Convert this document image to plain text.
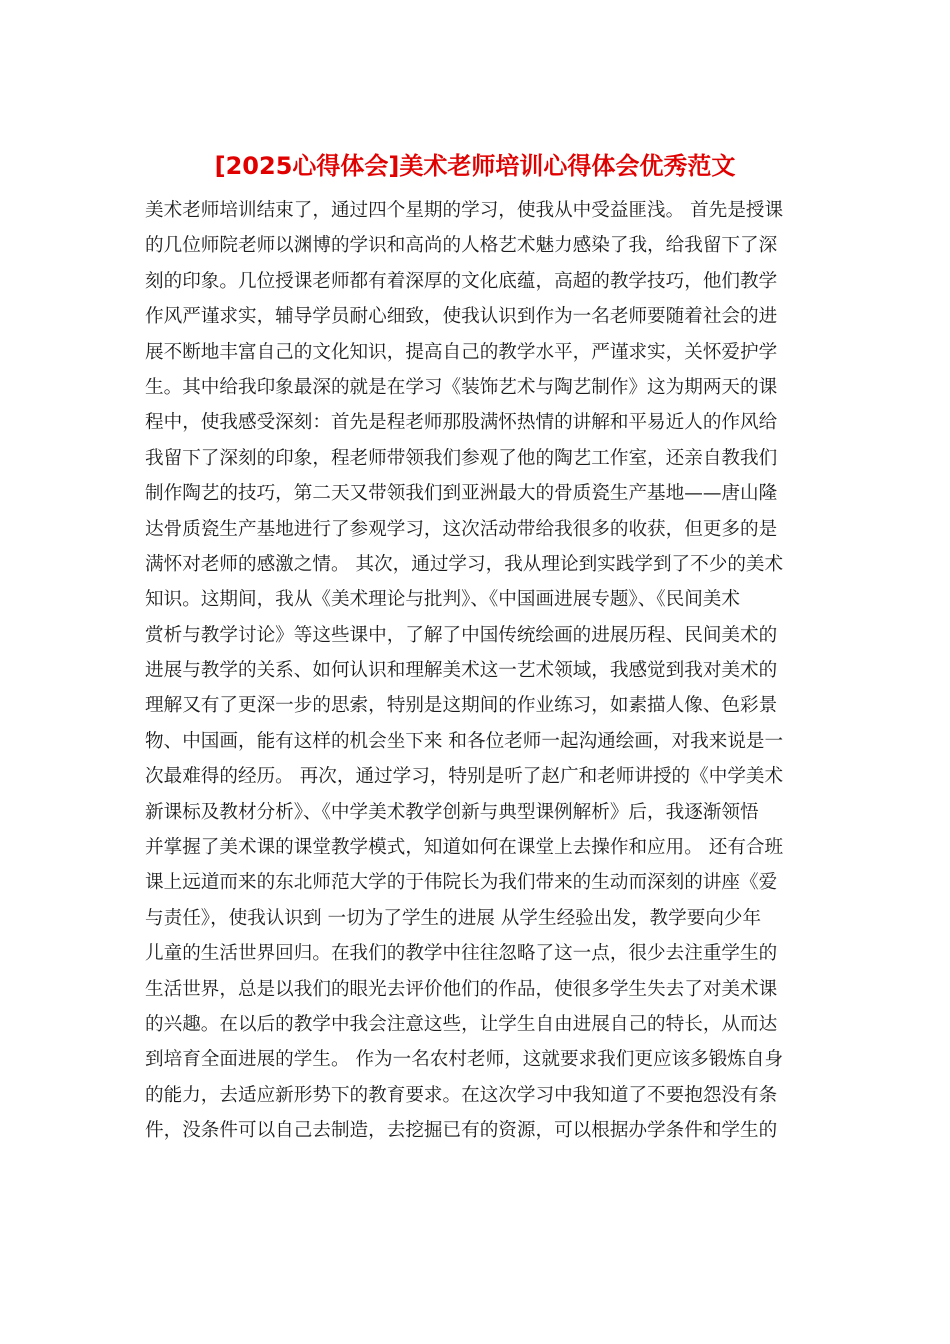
[2025心得体会]美术老师培训心得体会优秀范文
美术老师培训结束了，通过四个星期的学习，使我从中受益匪浅。 首先是授课
的几位师院老师以渊博的学识和高尚的人格艺术魅力感染了我，给我留下了深
刻的印象。几位授课老师都有着深厚的文化底蕴，高超的教学技巧，他们教学
作风严谨求实，辅导学员耐心细致，使我认识到作为一名老师要随着社会的进
展不断地丰富自己的文化知识，提高自己的教学水平，严谨求实，关怀爱护学
生。其中给我印象最深的就是在学习《装饰艺术与陶艺制作》这为期两天的课
程中，使我感受深刻：首先是程老师那股满怀热情的讲解和平易近人的作风给
我留下了深刻的印象，程老师带领我们参观了他的陶艺工作室，还亲自教我们
制作陶艺的技巧，第二天又带领我们到亚洲最大的骨质瓷生产基地——唐山隆
达骨质瓷生产基地进行了参观学习，这次活动带给我很多的收获，但更多的是
满怀对老师的感激之情。 其次，通过学习，我从理论到实践学到了不少的美术
知识。这期间，我从《美术理论与批判》、《中国画进展专题》、《民间美术
赏析与教学讨论》等这些课中，了解了中国传统绘画的进展历程、民间美术的
进展与教学的关系、如何认识和理解美术这一艺术领域，我感觉到我对美术的
理解又有了更深一步的思索，特别是这期间的作业练习，如素描人像、色彩景
物、中国画，能有这样的机会坐下来 和各位老师一起沟通绘画，对我来说是一
次最难得的经历。 再次，通过学习，特别是听了赵广和老师讲授的《中学美术
新课标及教材分析》、《中学美术教学创新与典型课例解析》后，我逐渐领悟
并掌握了美术课的课堂教学模式，知道如何在课堂上去操作和应用。 还有合班
课上远道而来的东北师范大学的于伟院长为我们带来的生动而深刻的讲座《爱
与责任》，使我认识到 一切为了学生的进展 从学生经验出发，教学要向少年
儿童的生活世界回归。在我们的教学中往往忽略了这一点，很少去注重学生的
生活世界，总是以我们的眼光去评价他们的作品，使很多学生失去了对美术课
的兴趣。在以后的教学中我会注意这些，让学生自由进展自己的特长，从而达
到培育全面进展的学生。 作为一名农村老师，这就要求我们更应该多锻炼自身
的能力，去适应新形势下的教育要求。在这次学习中我知道了不要抱怨没有条
件，没条件可以自己去制造，去挖掘已有的资源，可以根据办学条件和学生的
